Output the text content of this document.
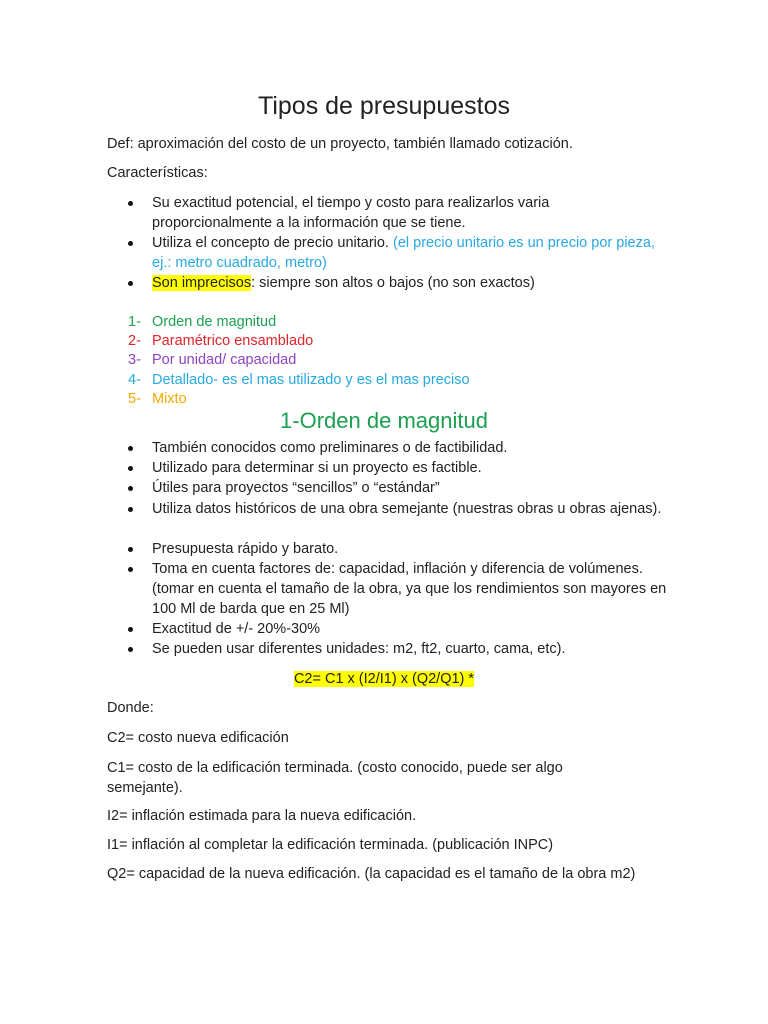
Tipos de presupuestos
Def: aproximación del costo de un proyecto, también llamado cotización.
Características:
Su exactitud potencial, el tiempo y costo para realizarlos varia proporcionalmente a la información que se tiene.
Utiliza el concepto de precio unitario. (el precio unitario es un precio por pieza, ej.: metro cuadrado, metro)
Son imprecisos: siempre son altos o bajos (no son exactos)
1- Orden de magnitud
2- Paramétrico ensamblado
3- Por unidad/ capacidad
4- Detallado- es el mas utilizado y es el mas preciso
5- Mixto
1-Orden de magnitud
También conocidos como preliminares o de factibilidad.
Utilizado para determinar si un proyecto es factible.
Útiles para proyectos “sencillos” o “estándar”
Utiliza datos históricos de una obra semejante (nuestras obras u obras ajenas).
Presupuesta rápido y barato.
Toma en cuenta factores de: capacidad, inflación y diferencia de volúmenes. (tomar en cuenta el tamaño de la obra, ya que los rendimientos son mayores en 100 Ml de barda que en 25 Ml)
Exactitud de +/- 20%-30%
Se pueden usar diferentes unidades: m2, ft2, cuarto, cama, etc).
C2= C1 x (I2/I1) x (Q2/Q1) *
Donde:
C2= costo nueva edificación
C1= costo de la edificación terminada. (costo conocido, puede ser algo semejante).
I2= inflación estimada para la nueva edificación.
I1= inflación al completar la edificación terminada. (publicación INPC)
Q2= capacidad de la nueva edificación. (la capacidad es el tamaño de la obra m2)
